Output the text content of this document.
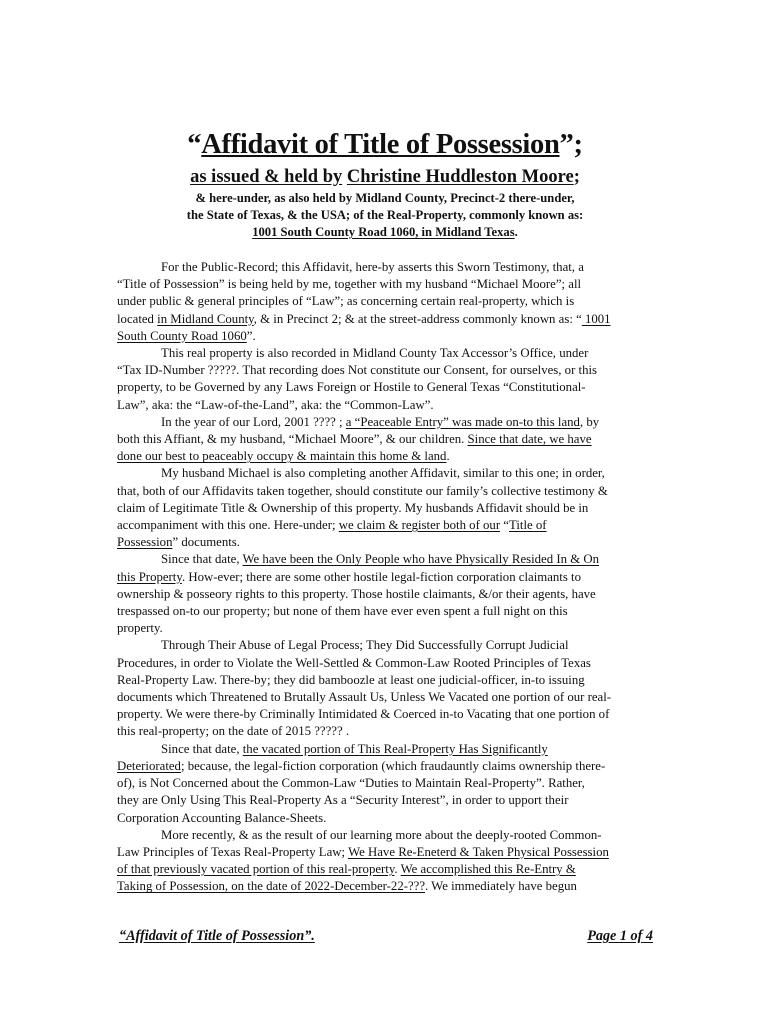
“Affidavit of Title of Possession”;
as issued & held by Christine Huddleston Moore;
& here-under, as also held by Midland County, Precinct-2 there-under,
the State of Texas, & the USA; of the Real-Property, commonly known as:
1001 South County Road 1060, in Midland Texas.

For the Public-Record; this Affidavit, here-by asserts this Sworn Testimony, that, a
“Title of Possession” is being held by me, together with my husband “Michael Moore”; all
under public & general principles of “Law”; as concerning certain real-property, which is
located in Midland County, & in Precinct 2; & at the street-address commonly known as: “ 1001
South County Road 1060”.

This real property is also recorded in Midland County Tax Accessor’s Office, under
“Tax ID-Number ?????. That recording does Not constitute our Consent, for ourselves, or this
property, to be Governed by any Laws Foreign or Hostile to General Texas “Constitutional-
Law”, aka: the “Law-of-the-Land”, aka: the “Common-Law”.

In the year of our Lord, 2001 ???? ; a “Peaceable Entry” was made on-to this land, by
both this Affiant, & my husband, “Michael Moore”, & our children. Since that date, we have
done our best to peaceably occupy & maintain this home & land.

My husband Michael is also completing another Affidavit, similar to this one; in order,
that, both of our Affidavits taken together, should constitute our family’s collective testimony &
claim of Legitimate Title & Ownership of this property. My husbands Affidavit should be in
accompaniment with this one. Here-under; we claim & register both of our “Title of
Possession” documents.

Since that date, We have been the Only People who have Physically Resided In & On
this Property. How-ever; there are some other hostile legal-fiction corporation claimants to
ownership & posseory rights to this property. Those hostile claimants, &/or their agents, have
trespassed on-to our property; but none of them have ever even spent a full night on this
property.

Through Their Abuse of Legal Process; They Did Successfully Corrupt Judicial
Procedures, in order to Violate the Well-Settled & Common-Law Rooted Principles of Texas
Real-Property Law. There-by; they did bamboozle at least one judicial-officer, in-to issuing
documents which Threatened to Brutally Assault Us, Unless We Vacated one portion of our real-
property. We were there-by Criminally Intimidated & Coerced in-to Vacating that one portion of
this real-property; on the date of 2015 ????? .

Since that date, the vacated portion of This Real-Property Has Significantly
Deteriorated; because, the legal-fiction corporation (which fraudauntly claims ownership there-
of), is Not Concerned about the Common-Law “Duties to Maintain Real-Property”. Rather,
they are Only Using This Real-Property As a “Security Interest”, in order to upport their
Corporation Accounting Balance-Sheets.

More recently, & as the result of our learning more about the deeply-rooted Common-
Law Principles of Texas Real-Property Law; We Have Re-Eneterd & Taken Physical Possession
of that previously vacated portion of this real-property. We accomplished this Re-Entry &
Taking of Possession, on the date of 2022-December-22-???. We immediately have begun

“Affidavit of Title of Possession”.	Page 1 of 4
